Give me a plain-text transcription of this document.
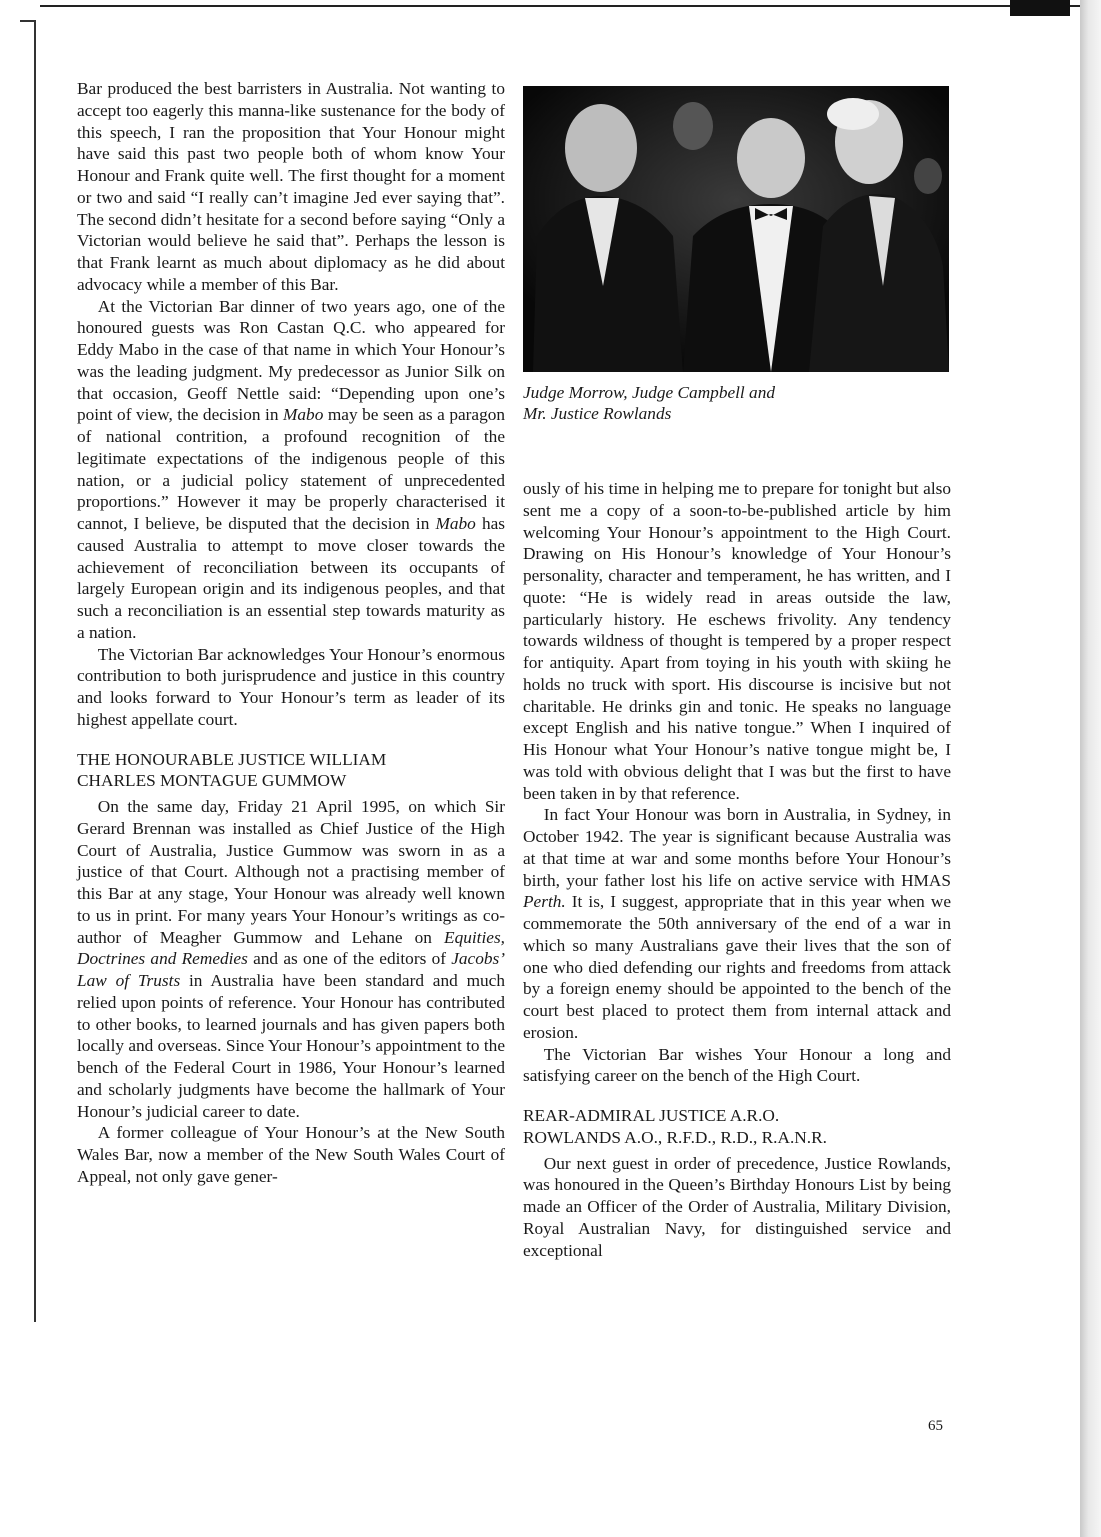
Bar produced the best barristers in Australia. Not wanting to accept too eagerly this manna-like sustenance for the body of this speech, I ran the proposition that Your Honour might have said this past two people both of whom know Your Honour and Frank quite well. The first thought for a moment or two and said “I really can’t imagine Jed ever saying that”. The second didn’t hesitate for a second before saying “Only a Victorian would believe he said that”. Perhaps the lesson is that Frank learnt as much about diplomacy as he did about advocacy while a member of this Bar.

At the Victorian Bar dinner of two years ago, one of the honoured guests was Ron Castan Q.C. who appeared for Eddy Mabo in the case of that name in which Your Honour’s was the leading judgment. My predecessor as Junior Silk on that occasion, Geoff Nettle said: “Depending upon one’s point of view, the decision in Mabo may be seen as a paragon of national contrition, a profound recognition of the legitimate expectations of the indigenous people of this nation, or a judicial policy statement of unprecedented proportions.” However it may be properly characterised it cannot, I believe, be disputed that the decision in Mabo has caused Australia to attempt to move closer towards the achievement of reconciliation between its occupants of largely European origin and its indigenous peoples, and that such a reconciliation is an essential step towards maturity as a nation.

The Victorian Bar acknowledges Your Honour’s enormous contribution to both jurisprudence and justice in this country and looks forward to Your Honour’s term as leader of its highest appellate court.

THE HONOURABLE JUSTICE WILLIAM
CHARLES MONTAGUE GUMMOW

On the same day, Friday 21 April 1995, on which Sir Gerard Brennan was installed as Chief Justice of the High Court of Australia, Justice Gummow was sworn in as a justice of that Court. Although not a practising member of this Bar at any stage, Your Honour was already well known to us in print. For many years Your Honour’s writings as co-author of Meagher Gummow and Lehane on Equities, Doctrines and Remedies and as one of the editors of Jacobs’ Law of Trusts in Australia have been standard and much relied upon points of reference. Your Honour has contributed to other books, to learned journals and has given papers both locally and overseas. Since Your Honour’s appointment to the bench of the Federal Court in 1986, Your Honour’s learned and scholarly judgments have become the hallmark of Your Honour’s judicial career to date.

A former colleague of Your Honour’s at the New South Wales Bar, now a member of the New South Wales Court of Appeal, not only gave gener-

Judge Morrow, Judge Campbell and
Mr. Justice Rowlands

ously of his time in helping me to prepare for tonight but also sent me a copy of a soon-to-be-published article by him welcoming Your Honour’s appointment to the High Court. Drawing on His Honour’s knowledge of Your Honour’s personality, character and temperament, he has written, and I quote: “He is widely read in areas outside the law, particularly history. He eschews frivolity. Any tendency towards wildness of thought is tempered by a proper respect for antiquity. Apart from toying in his youth with skiing he holds no truck with sport. His discourse is incisive but not charitable. He drinks gin and tonic. He speaks no language except English and his native tongue.” When I inquired of His Honour what Your Honour’s native tongue might be, I was told with obvious delight that I was but the first to have been taken in by that reference.

In fact Your Honour was born in Australia, in Sydney, in October 1942. The year is significant because Australia was at that time at war and some months before Your Honour’s birth, your father lost his life on active service with HMAS Perth. It is, I suggest, appropriate that in this year when we commemorate the 50th anniversary of the end of a war in which so many Australians gave their lives that the son of one who died defending our rights and freedoms from attack by a foreign enemy should be appointed to the bench of the court best placed to protect them from internal attack and erosion.

The Victorian Bar wishes Your Honour a long and satisfying career on the bench of the High Court.

REAR-ADMIRAL JUSTICE A.R.O.
ROWLANDS A.O., R.F.D., R.D., R.A.N.R.

Our next guest in order of precedence, Justice Rowlands, was honoured in the Queen’s Birthday Honours List by being made an Officer of the Order of Australia, Military Division, Royal Australian Navy, for distinguished service and exceptional

65
